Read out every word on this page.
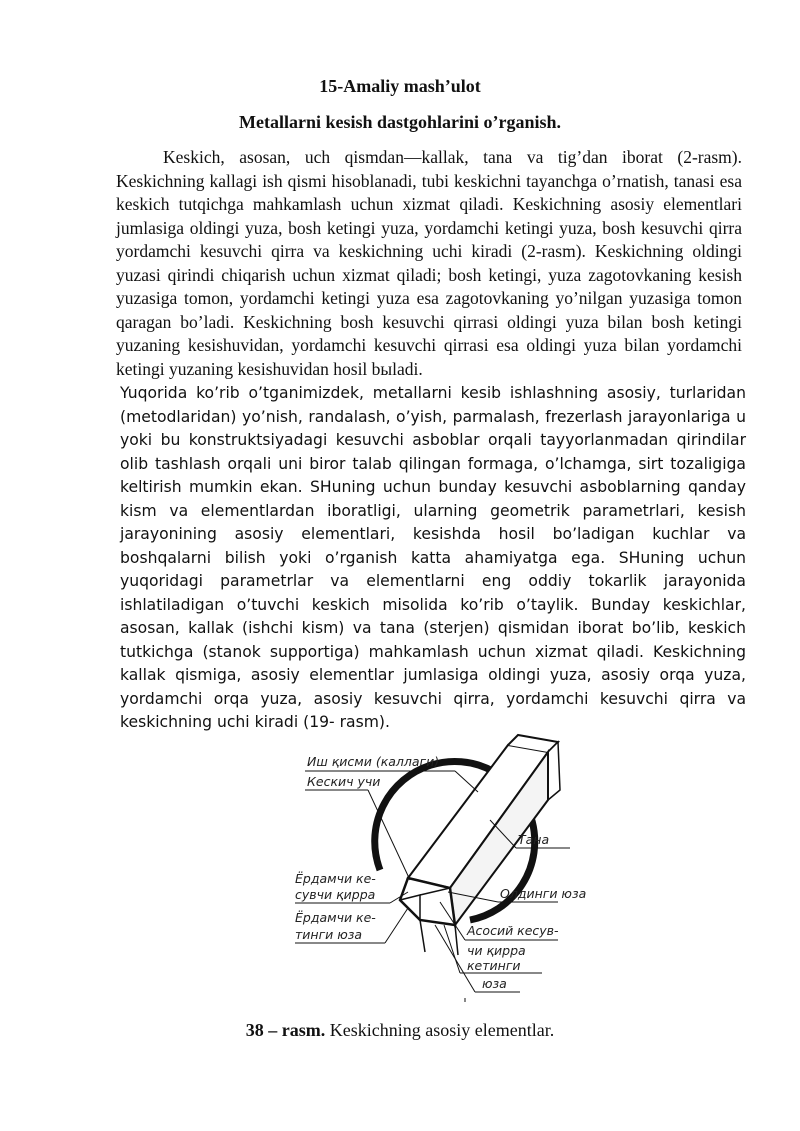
15-Amaliy mash’ulot
Metallarni kesish dastgohlarini o’rganish.

Keskich, asosan, uch qismdan—kallak, tana va tig’dan iborat (2-rasm). Keskichning kallagi ish qismi hisoblanadi, tubi keskichni tayanchga o’rnatish, tanasi esa keskich tutqichga mahkamlash uchun xizmat qiladi. Keskichning asosiy elementlari jumlasiga oldingi yuza, bosh ketingi yuza, yordamchi ketingi yuza, bosh kesuvchi qirra yordamchi kesuvchi qirra va keskichning uchi kiradi (2-rasm). Keskichning oldingi yuzasi qirindi chiqarish uchun xizmat qiladi; bosh ketingi, yuza zagotovkaning kesish yuzasiga tomon, yordamchi ketingi yuza esa zagotovkaning yo’nilgan yuzasiga tomon qaragan bo’ladi. Keskichning bosh kesuvchi qirrasi oldingi yuza bilan bosh ketingi yuzaning kesishuvidan, yordamchi kesuvchi qirrasi esa oldingi yuza bilan yordamchi ketingi yuzaning kesishuvidan hosil bыladi.

Yuqorida ko’rib o’tganimizdek, metallarni kesib ishlashning asosiy, turlaridan (metodlaridan) yo’nish, randalash, o’yish, parmalash, frezerlash jarayonlariga u yoki bu konstruktsiyadagi kesuvchi asboblar orqali tayyorlanmadan qirindilar olib tashlash orqali uni biror talab qilingan formaga, o’lchamga, sirt tozaligiga keltirish mumkin ekan. SHuning uchun bunday kesuvchi asboblarning qanday kism va elementlardan iboratligi, ularning geometrik parametrlari, kesish jarayonining asosiy elementlari, kesishda hosil bo’ladigan kuchlar va boshqalarni bilish yoki o’rganish katta ahamiyatga ega. SHuning uchun yuqoridagi parametrlar va elementlarni eng oddiy tokarlik jarayonida ishlatiladigan o’tuvchi keskich misolida ko’rib o’taylik. Bunday keskichlar, asosan, kallak (ishchi kism) va tana (sterjen) qismidan iborat bo’lib, keskich tutkichga (stanok supportiga) mahkamlash uchun xizmat qiladi. Keskichning kallak qismiga, asosiy elementlar jumlasiga oldingi yuza, asosiy orqa yuza, yordamchi orqa yuza, asosiy kesuvchi qirra, yordamchi kesuvchi qirra va keskichning uchi kiradi (19- rasm).

Иш қисми (каллаги)
Кескич учи
Тана
Ёрдамчи ке-
сувчи қирра
Ёрдамчи ке-
тинги юза
Олдинги юза
Асосий кесув-
чи қирра
кетинги
юза
38 – rasm. Keskichning asosiy elementlar.
